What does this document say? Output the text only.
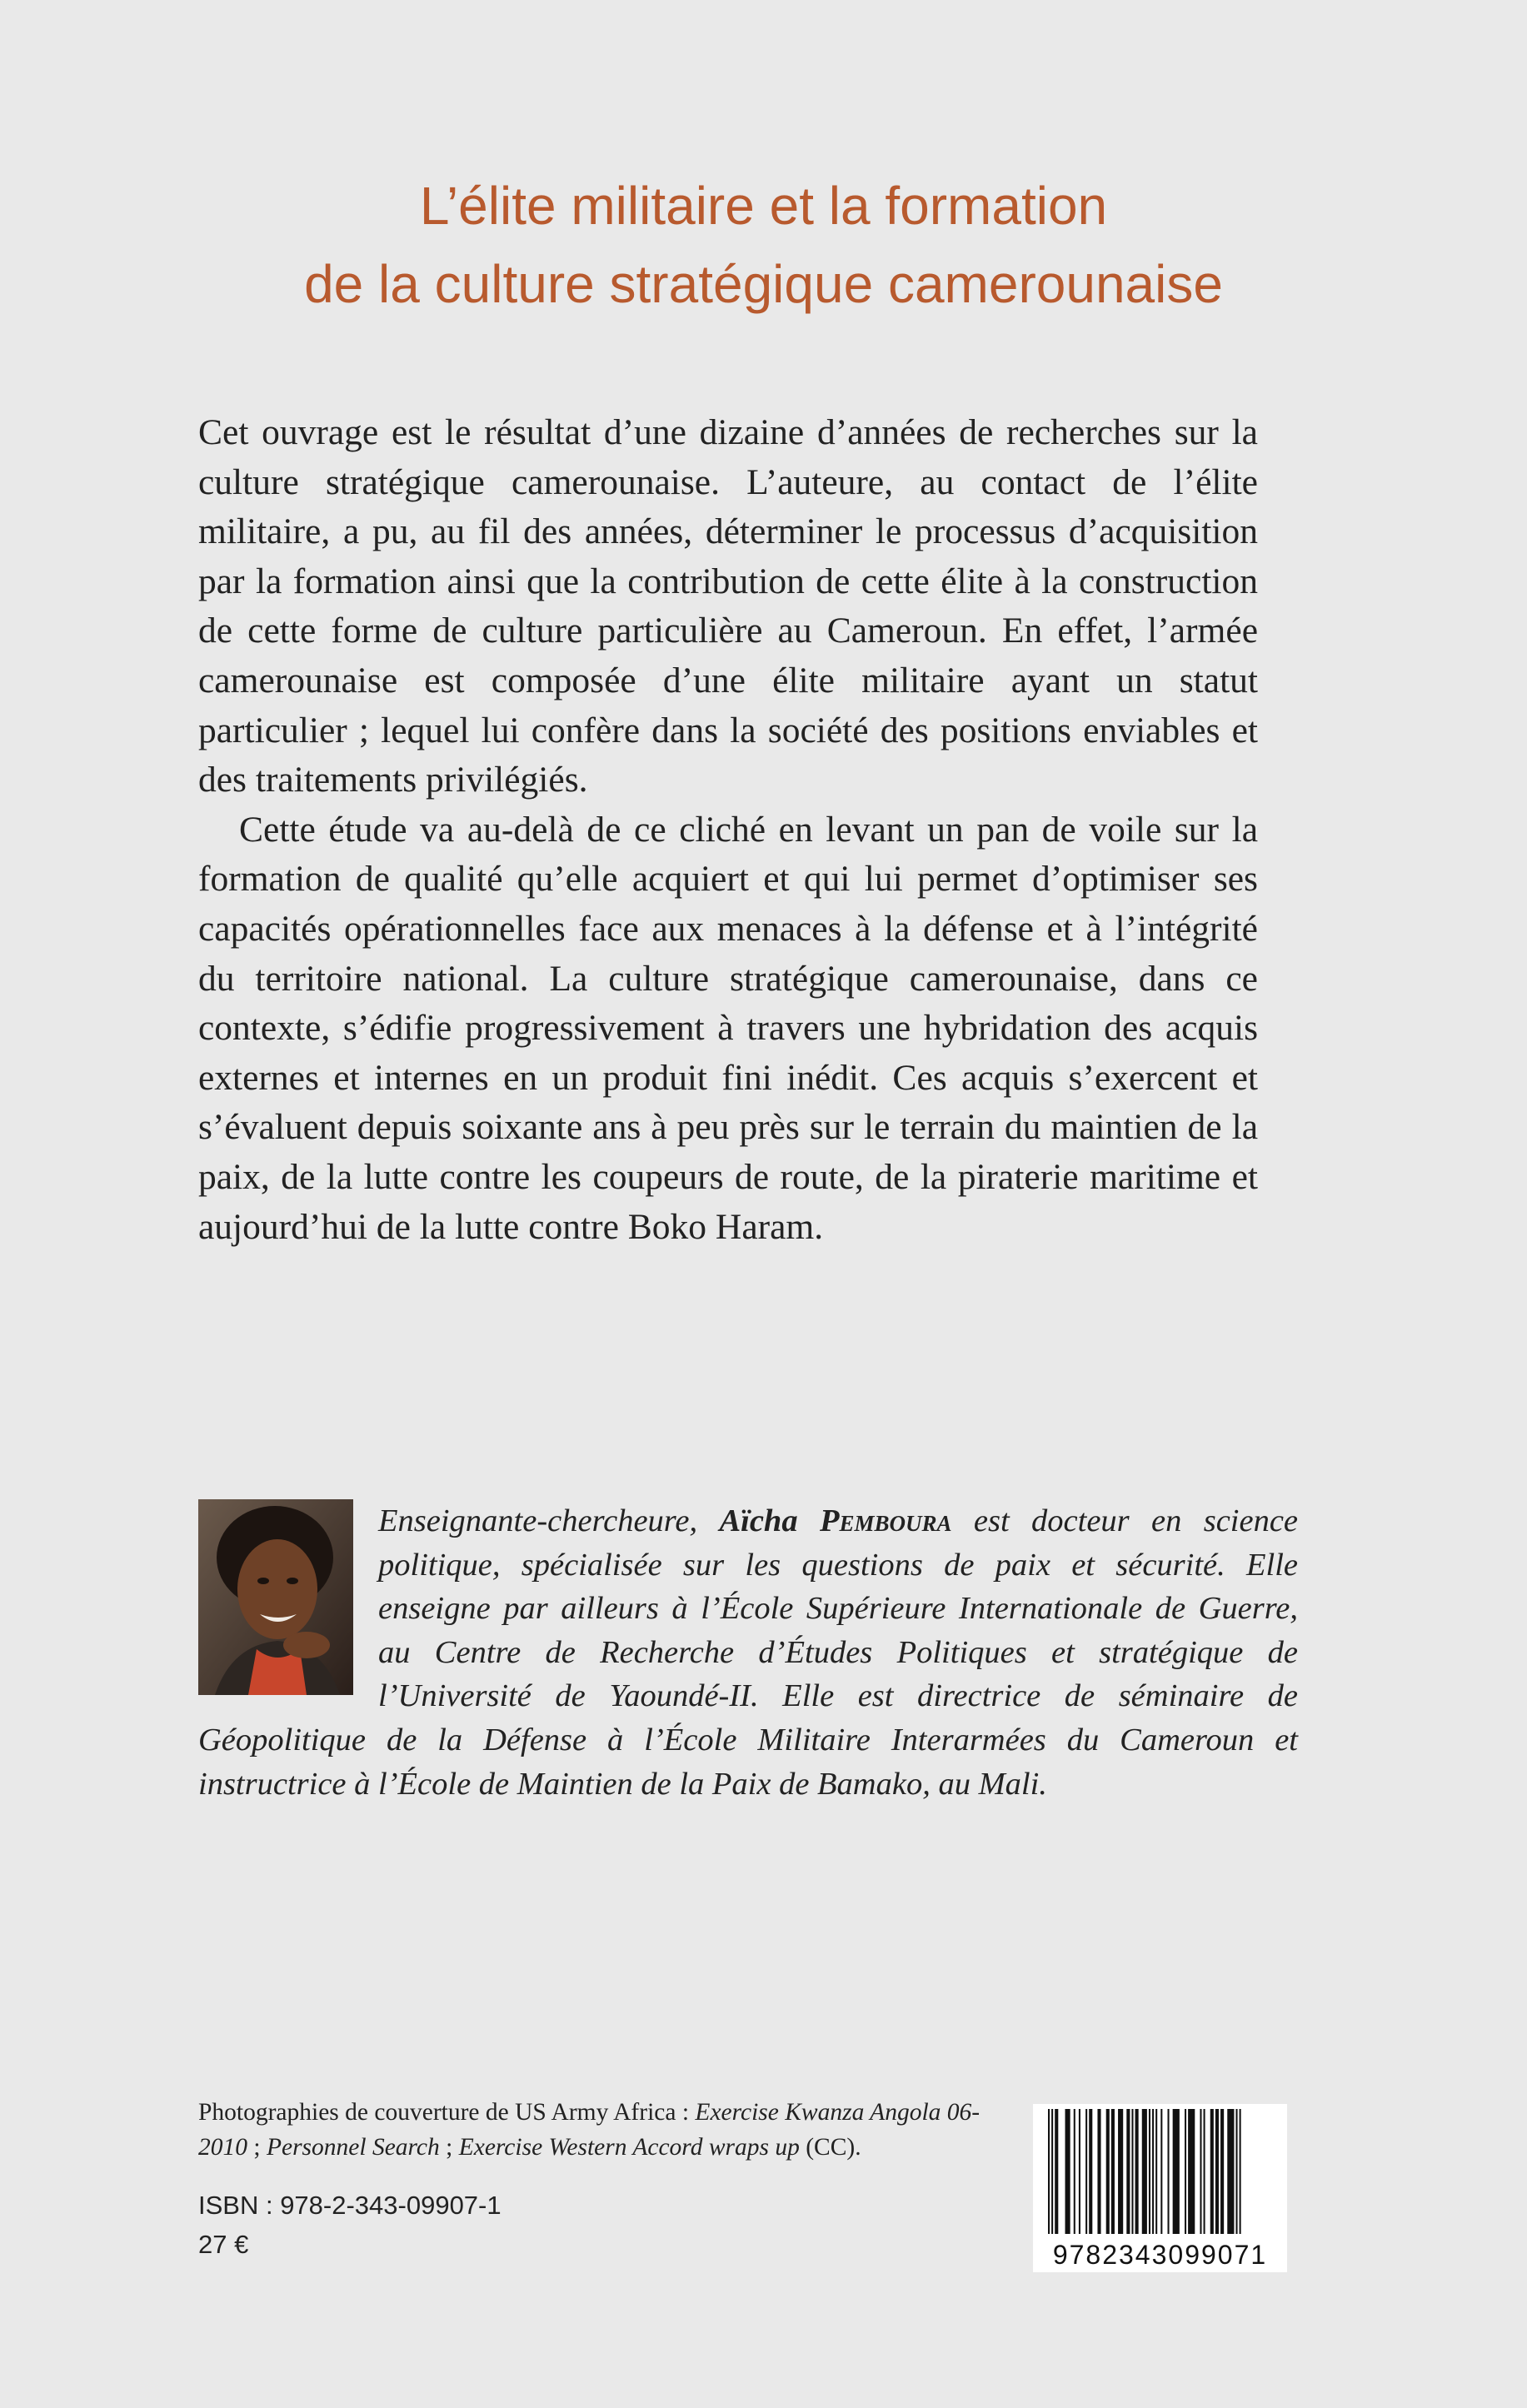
L’élite militaire et la formation
de la culture stratégique camerounaise

Cet ouvrage est le résultat d’une dizaine d’années de recherches sur la culture stratégique camerounaise. L’auteure, au contact de l’élite militaire, a pu, au fil des années, déterminer le processus d’acquisition par la formation ainsi que la contribution de cette élite à la construction de cette forme de culture particulière au Cameroun. En effet, l’armée camerounaise est composée d’une élite militaire ayant un statut particulier ; lequel lui confère dans la société des positions enviables et des traitements privilégiés.

Cette étude va au-delà de ce cliché en levant un pan de voile sur la formation de qualité qu’elle acquiert et qui lui permet d’optimiser ses capacités opérationnelles face aux menaces à la défense et à l’intégrité du territoire national. La culture stratégique camerounaise, dans ce contexte, s’édifie progressivement à travers une hybridation des acquis externes et internes en un produit fini inédit. Ces acquis s’exercent et s’évaluent depuis soixante ans à peu près sur le terrain du maintien de la paix, de la lutte contre les coupeurs de route, de la piraterie maritime et aujourd’hui de la lutte contre Boko Haram.

Enseignante-chercheure, Aïcha Pemboura est docteur en science politique, spécialisée sur les questions de paix et sécurité. Elle enseigne par ailleurs à l’École Supérieure Internationale de Guerre, au Centre de Recherche d’Études Politiques et stratégique de l’Université de Yaoundé-II. Elle est directrice de séminaire de Géopolitique de la Défense à l’École Militaire Interarmées du Cameroun et instructrice à l’École de Maintien de la Paix de Bamako, au Mali.
Photographies de couverture de US Army Africa : Exercise Kwanza Angola 06-2010 ; Personnel Search ; Exercise Western Accord wraps up (CC).
ISBN : 978-2-343-09907-1
27 €	9782343099071
